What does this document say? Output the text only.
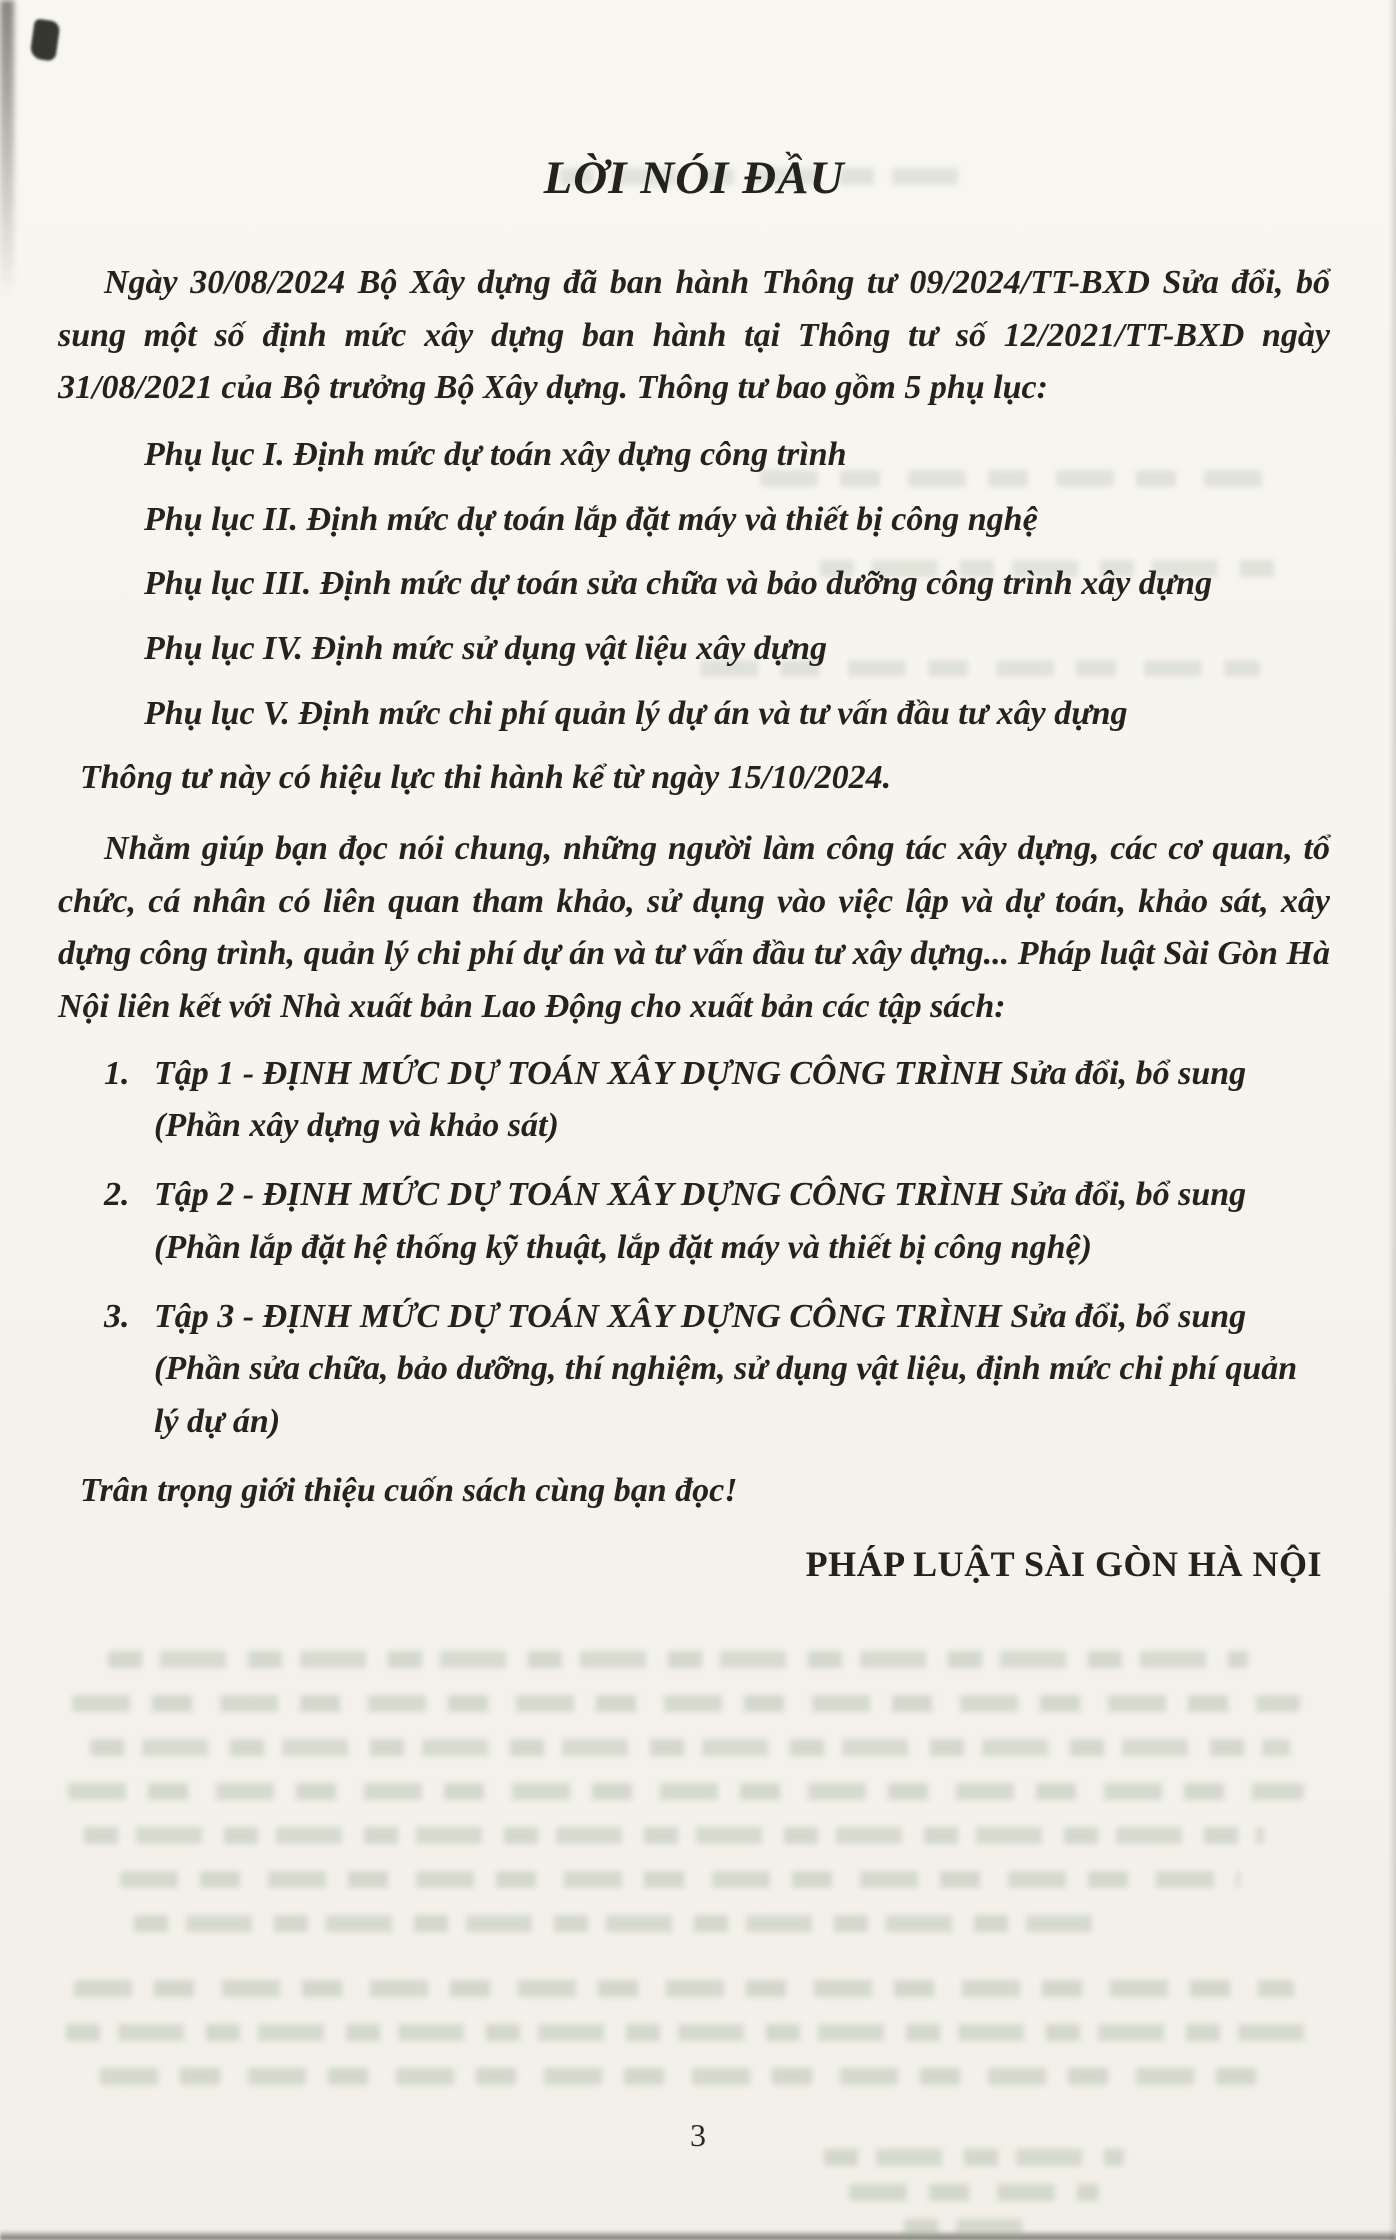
LỜI NÓI ĐẦU

Ngày 30/08/2024 Bộ Xây dựng đã ban hành Thông tư 09/2024/TT-BXD Sửa đổi, bổ sung một số định mức xây dựng ban hành tại Thông tư số 12/2021/TT-BXD ngày 31/08/2021 của Bộ trưởng Bộ Xây dựng. Thông tư bao gồm 5 phụ lục:

Phụ lục I. Định mức dự toán xây dựng công trình

Phụ lục II. Định mức dự toán lắp đặt máy và thiết bị công nghệ

Phụ lục III. Định mức dự toán sửa chữa và bảo dưỡng công trình xây dựng

Phụ lục IV. Định mức sử dụng vật liệu xây dựng

Phụ lục V. Định mức chi phí quản lý dự án và tư vấn đầu tư xây dựng

Thông tư này có hiệu lực thi hành kể từ ngày 15/10/2024.

Nhằm giúp bạn đọc nói chung, những người làm công tác xây dựng, các cơ quan, tổ chức, cá nhân có liên quan tham khảo, sử dụng vào việc lập và dự toán, khảo sát, xây dựng công trình, quản lý chi phí dự án và tư vấn đầu tư xây dựng... Pháp luật Sài Gòn Hà Nội liên kết với Nhà xuất bản Lao Động cho xuất bản các tập sách:

1. Tập 1 - ĐỊNH MỨC DỰ TOÁN XÂY DỰNG CÔNG TRÌNH Sửa đổi, bổ sung (Phần xây dựng và khảo sát)
2. Tập 2 - ĐỊNH MỨC DỰ TOÁN XÂY DỰNG CÔNG TRÌNH Sửa đổi, bổ sung (Phần lắp đặt hệ thống kỹ thuật, lắp đặt máy và thiết bị công nghệ)
3. Tập 3 - ĐỊNH MỨC DỰ TOÁN XÂY DỰNG CÔNG TRÌNH Sửa đổi, bổ sung (Phần sửa chữa, bảo dưỡng, thí nghiệm, sử dụng vật liệu, định mức chi phí quản lý dự án)

Trân trọng giới thiệu cuốn sách cùng bạn đọc!

PHÁP LUẬT SÀI GÒN HÀ NỘI

3
